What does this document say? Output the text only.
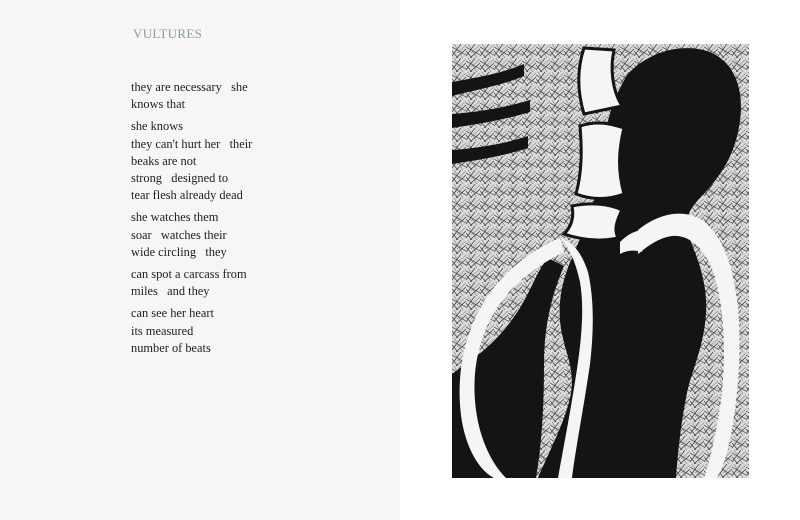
VULTURES
they are necessary   she
knows that
she knows
they can't hurt her   their
beaks are not
strong   designed to
tear flesh already dead
she watches them
soar   watches their
wide circling   they
can spot a carcass from
miles   and they
can see her heart
its measured
number of beats
